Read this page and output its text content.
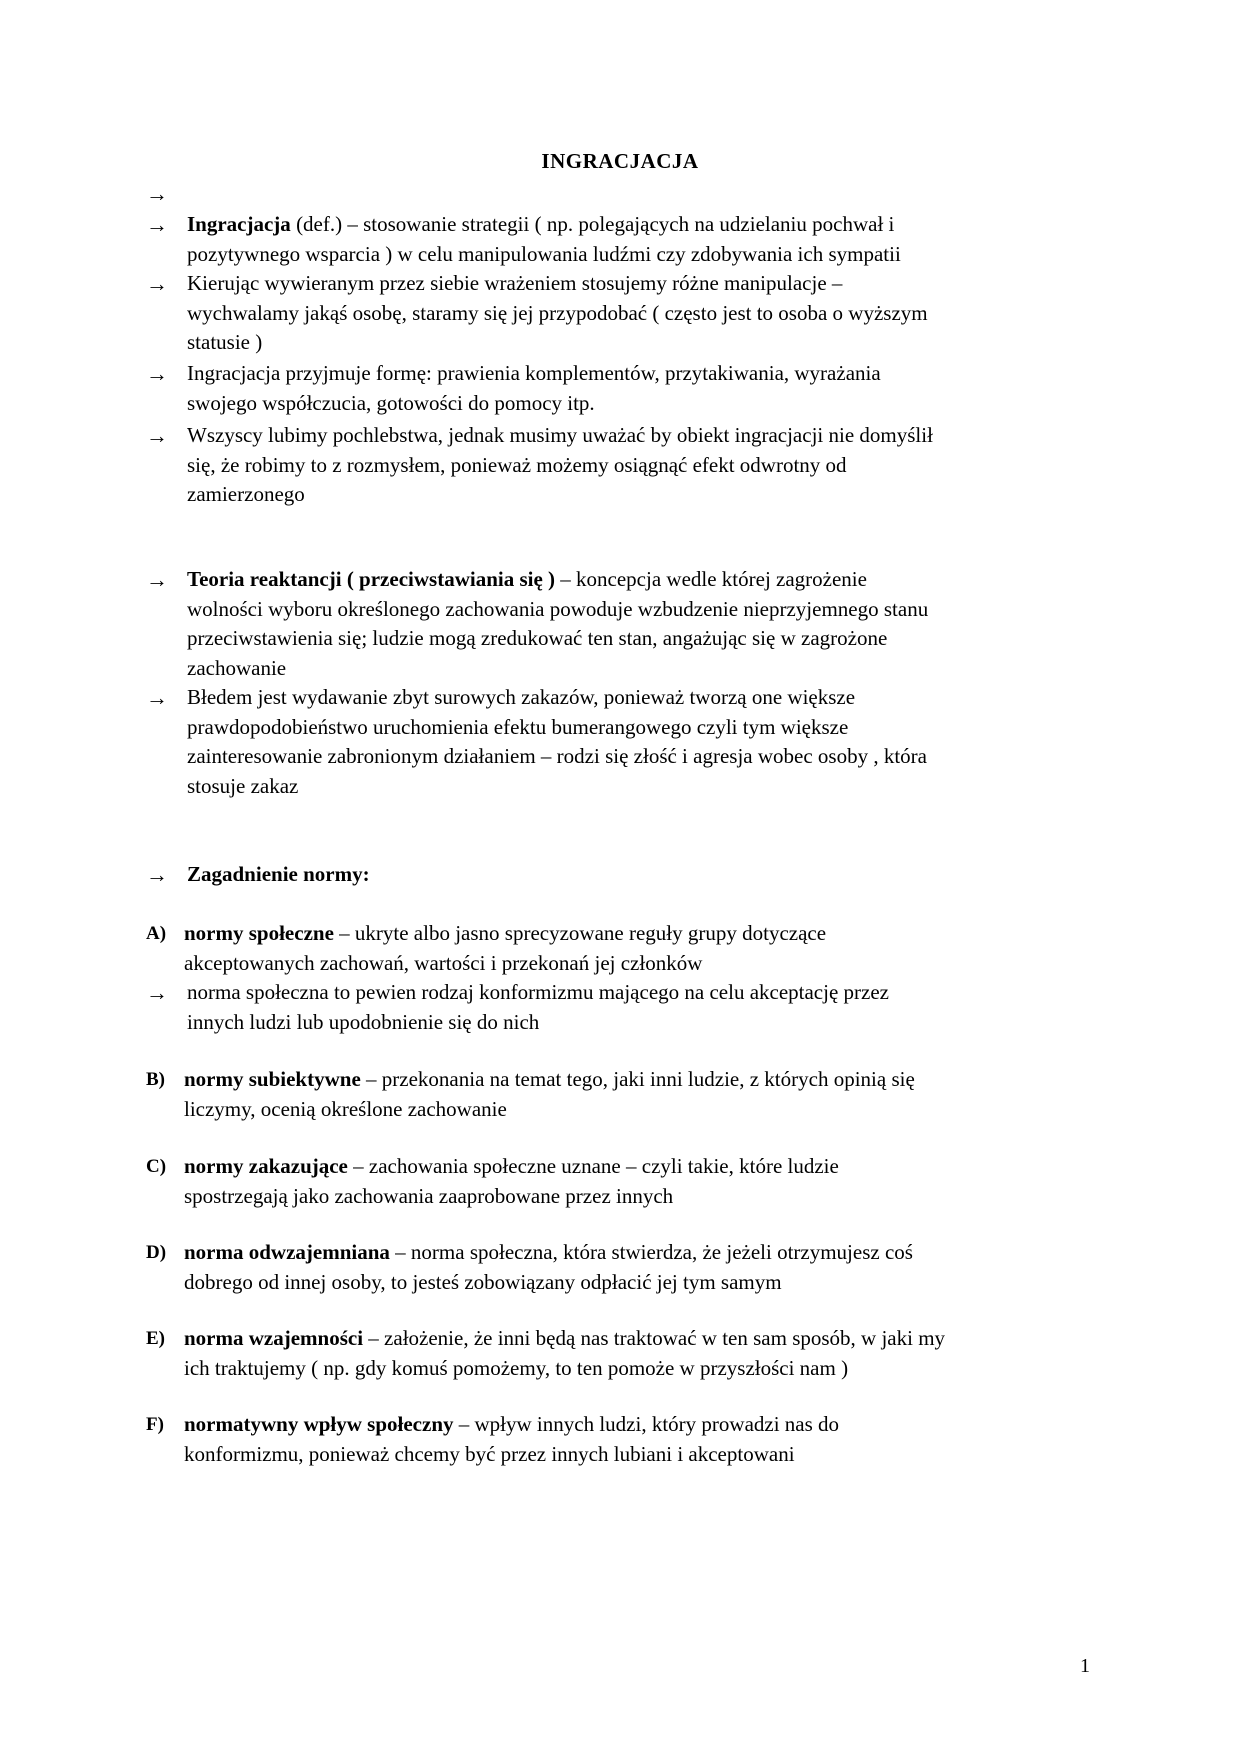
INGRACJACJA
→

→ Ingracjacja (def.) – stosowanie strategii ( np. polegających na udzielaniu pochwał i
pozytywnego wsparcia ) w celu manipulowania ludźmi czy zdobywania ich sympatii
→ Kierując wywieranym przez siebie wrażeniem stosujemy różne manipulacje –
wychwalamy jakąś osobę, staramy się jej przypodobać ( często jest to osoba o wyższym
statusie )
→ Ingracjacja przyjmuje formę: prawienia komplementów, przytakiwania, wyrażania
swojego współczucia, gotowości do pomocy itp.
→ Wszyscy lubimy pochlebstwa, jednak musimy uważać by obiekt ingracjacji nie domyślił
się, że robimy to z rozmysłem, ponieważ możemy osiągnąć efekt odwrotny od
zamierzonego
→ Teoria reaktancji ( przeciwstawiania się ) – koncepcja wedle której zagrożenie
wolności wyboru określonego zachowania powoduje wzbudzenie nieprzyjemnego stanu
przeciwstawienia się; ludzie mogą zredukować ten stan, angażując się w zagrożone
zachowanie
→ Błedem jest wydawanie zbyt surowych zakazów, ponieważ tworzą one większe
prawdopodobieństwo uruchomienia efektu bumerangowego czyli tym większe
zainteresowanie zabronionym działaniem – rodzi się złość i agresja wobec osoby , która
stosuje zakaz
→ Zagadnienie normy:
A) normy społeczne – ukryte albo jasno sprecyzowane reguły grupy dotyczące
akceptowanych zachowań, wartości i przekonań jej członków
→ norma społeczna to pewien rodzaj konformizmu mającego na celu akceptację przez
innych ludzi lub upodobnienie się do nich
B) normy subiektywne – przekonania na temat tego, jaki inni ludzie, z których opinią się
liczymy, ocenią określone zachowanie
C) normy zakazujące – zachowania społeczne uznane – czyli takie, które ludzie
spostrzegają jako zachowania zaaprobowane przez innych
D) norma odwzajemniana – norma społeczna, która stwierdza, że jeżeli otrzymujesz coś
dobrego od innej osoby, to jesteś zobowiązany odpłacić jej tym samym
E) norma wzajemności – założenie, że inni będą nas traktować w ten sam sposób, w jaki my
ich traktujemy ( np. gdy komuś pomożemy, to ten pomoże w przyszłości nam )
F) normatywny wpływ społeczny – wpływ innych ludzi, który prowadzi nas do
konformizmu, ponieważ chcemy być przez innych lubiani i akceptowani
1
